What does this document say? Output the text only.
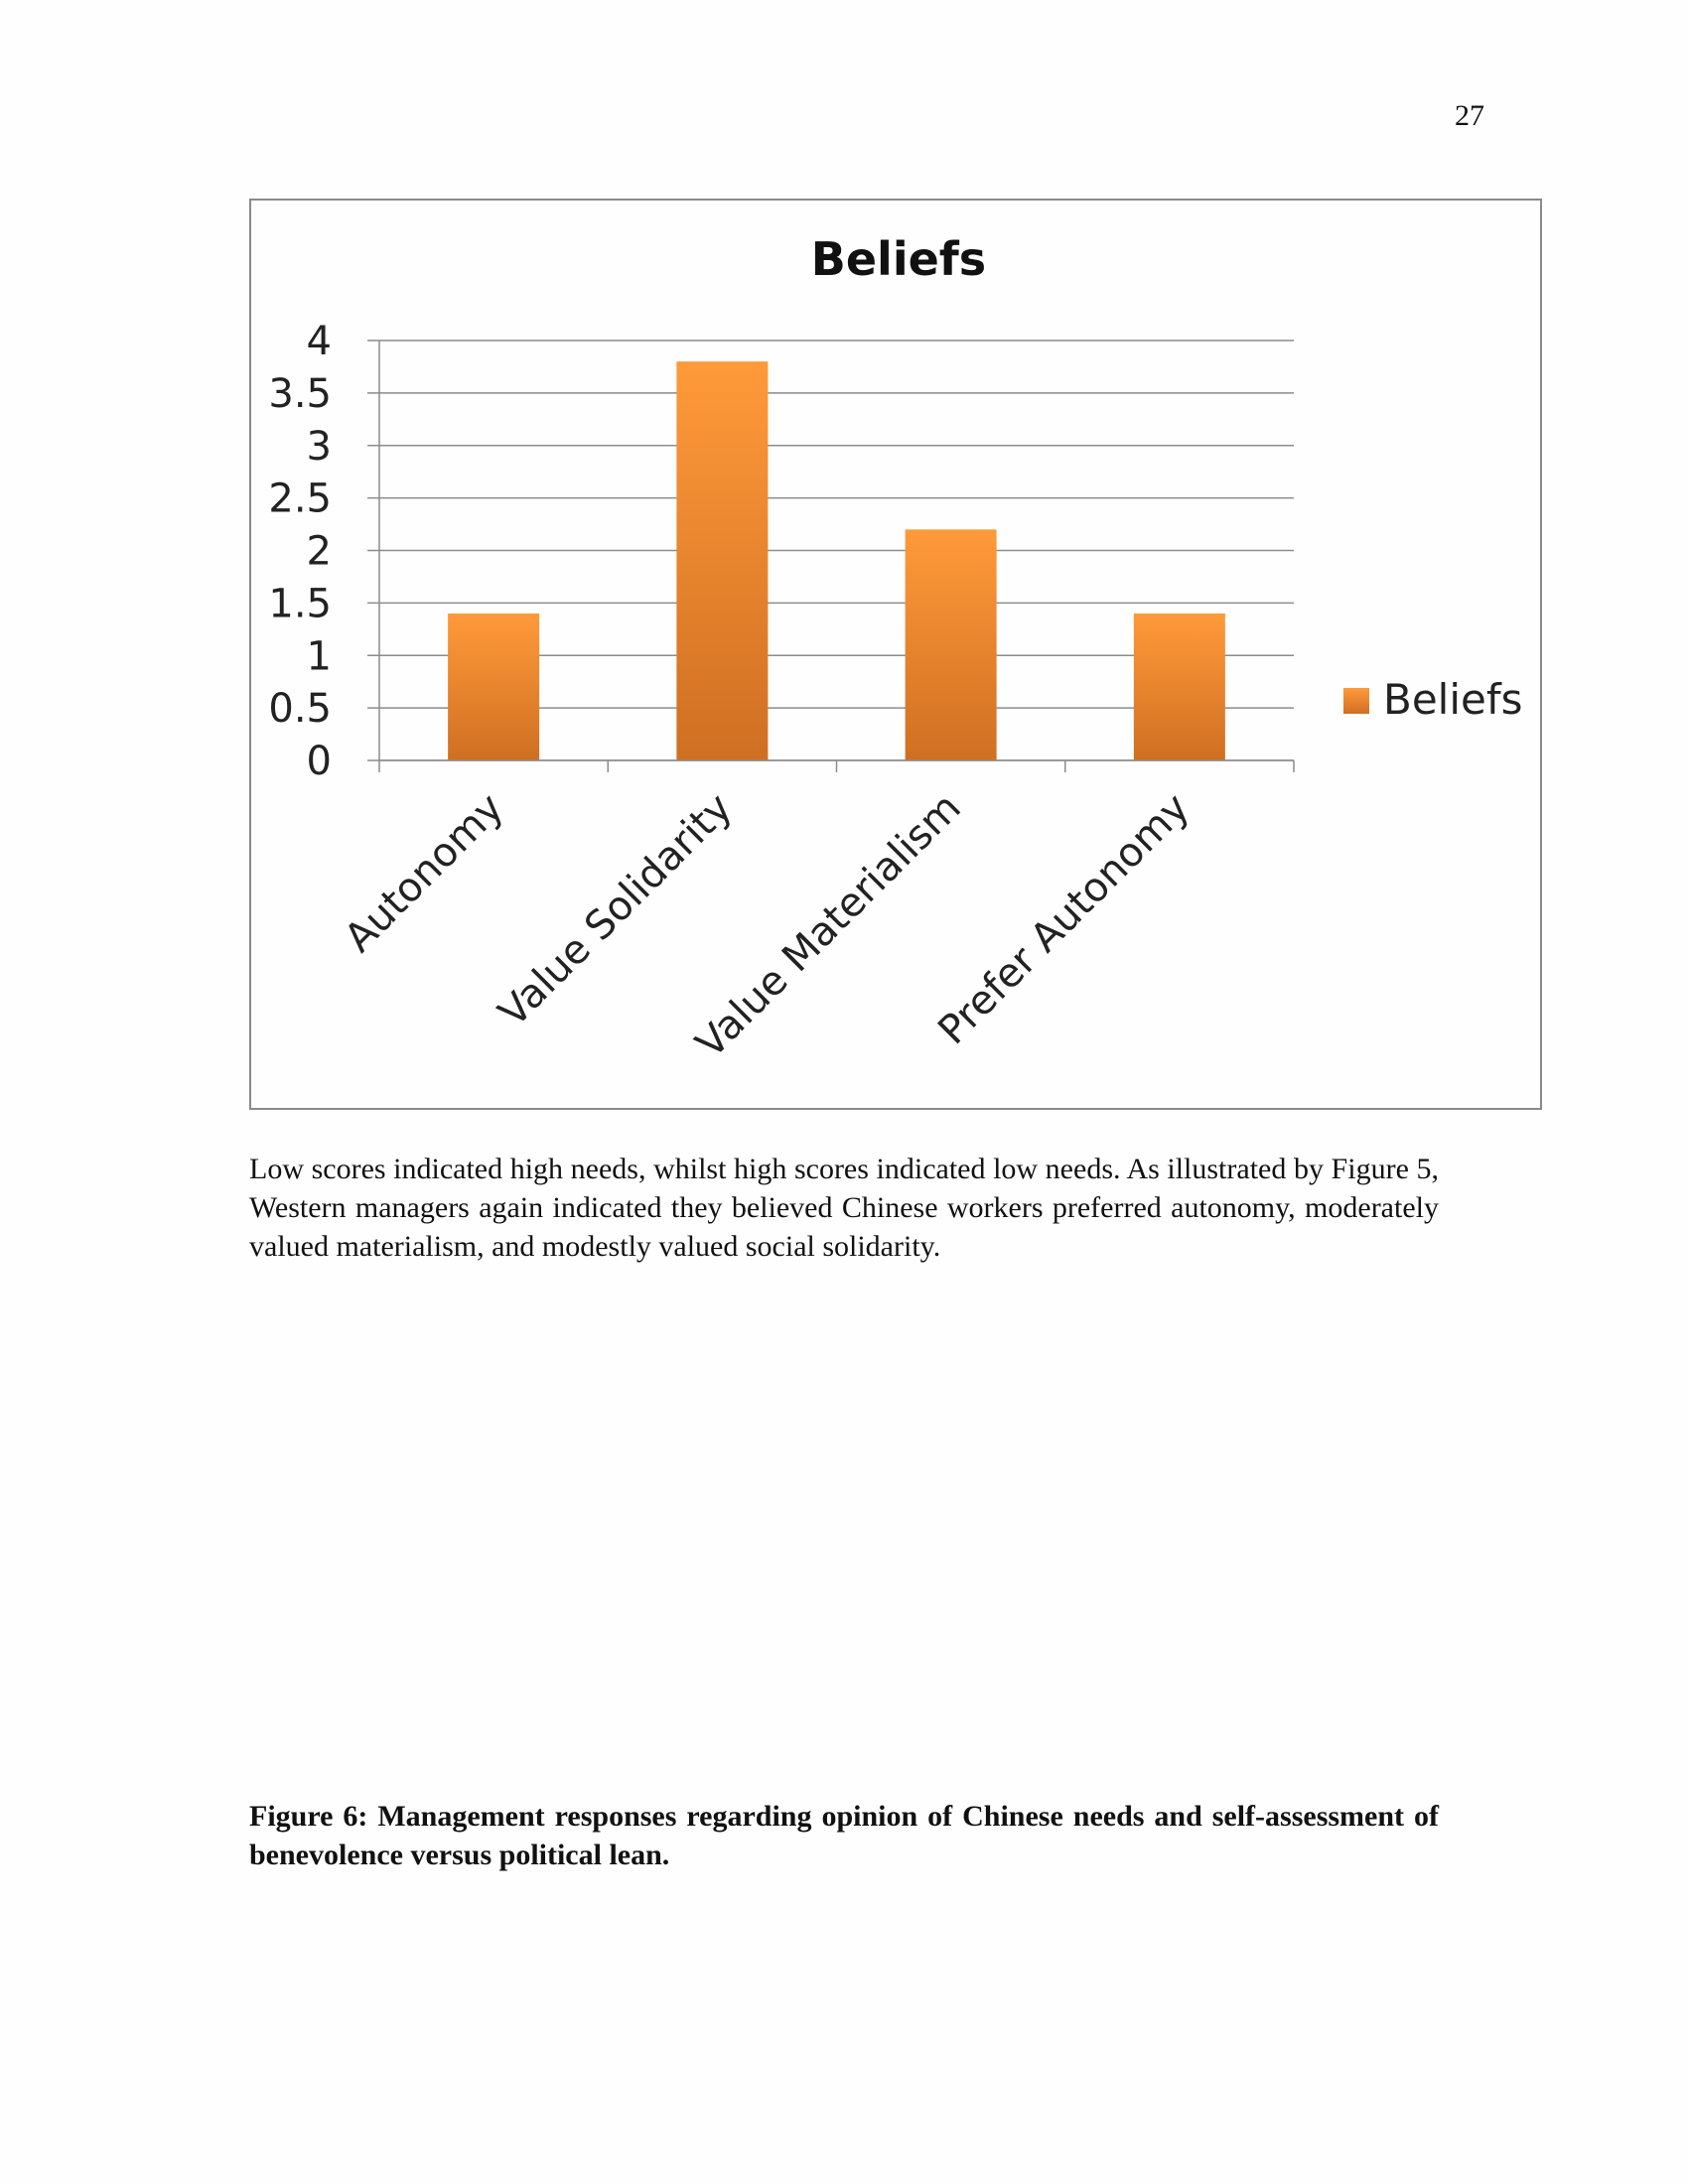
27
Beliefs
0
0.5
1
1.5
2
2.5
3
3.5
4
Autonomy
Value Solidarity
Value Materialism
Prefer Autonomy
Beliefs

Low scores indicated high needs, whilst high scores indicated low needs. As illustrated by Figure 5, Western managers again indicated they believed Chinese workers preferred autonomy, moderately valued materialism, and modestly valued social solidarity.

Figure 6: Management responses regarding opinion of Chinese needs and self-assessment of benevolence versus political lean.
